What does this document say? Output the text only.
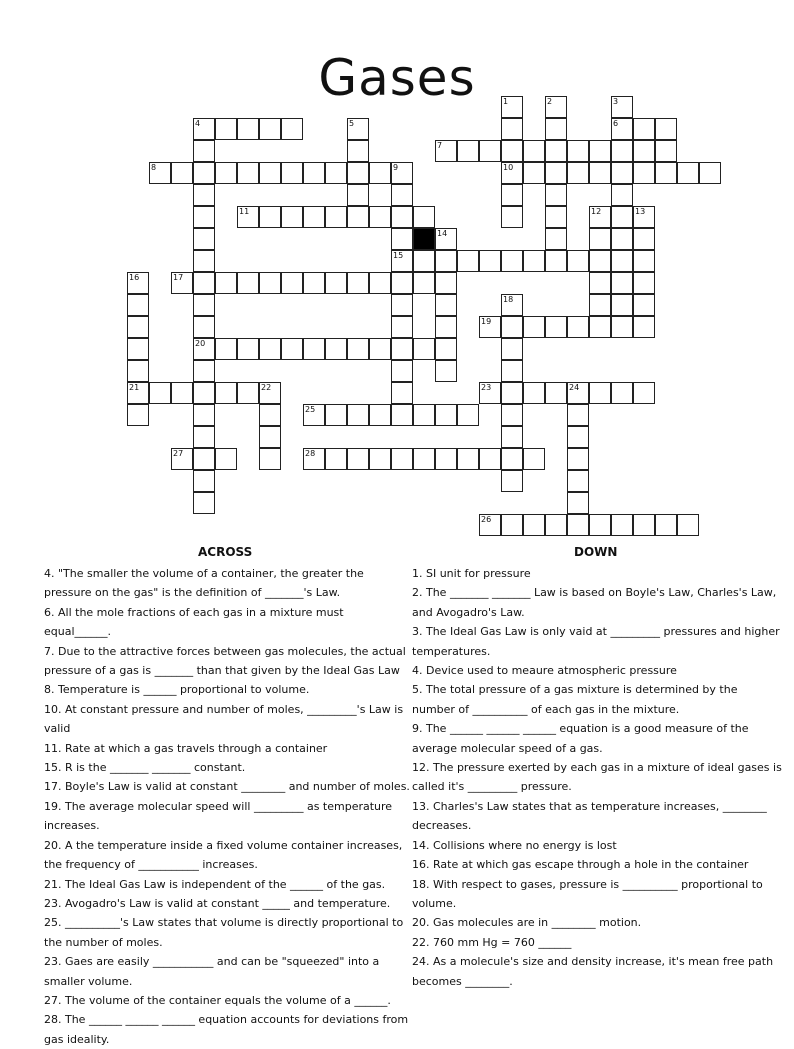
Gases	1	2	3
4	5	6
7
8	9	10
11	12	13
14
15
16	17
18
19
20
21	22	23	24
25
26
27	28
ACROSS	DOWN

4. "The smaller the volume of a container, the greater the pressure on the gas" is the definition of _______'s Law.

6. All the mole fractions of each gas in a mixture must equal______.

7. Due to the attractive forces between gas molecules, the actual pressure of a gas is _______ than that given by the Ideal Gas Law

8. Temperature is ______ proportional to volume.

10. At constant pressure and number of moles, _________'s Law is valid

11. Rate at which a gas travels through a container

15. R is the _______ _______ constant.

17. Boyle's Law is valid at constant ________ and number of moles.

19. The average molecular speed will _________ as temperature increases.

20. A the temperature inside a fixed volume container increases, the frequency of ___________ increases.

21. The Ideal Gas Law is independent of the ______ of the gas.

23. Avogadro's Law is valid at constant _____ and temperature.

25. __________'s Law states that volume is directly proportional to the number of moles.

23. Gaes are easily ___________ and can be "squeezed" into a smaller volume.

27. The volume of the container equals the volume of a ______.

28. The ______ ______ ______ equation accounts for deviations from gas ideality.

1. SI unit for pressure

2. The _______ _______ Law is based on Boyle's Law, Charles's Law, and Avogadro's Law.

3. The Ideal Gas Law is only vaid at _________ pressures and higher temperatures.

4. Device used to meaure atmospheric pressure

5. The total pressure of a gas mixture is determined by the number of __________ of each gas in the mixture.

9. The ______ ______ ______ equation is a good measure of the average molecular speed of a gas.

12. The pressure exerted by each gas in a mixture of ideal gases is called it's _________ pressure.

13. Charles's Law states that as temperature increases, ________ decreases.

14. Collisions where no energy is lost

16. Rate at which gas escape through a hole in the container

18. With respect to gases, pressure is __________ proportional to volume.

20. Gas molecules are in ________ motion.

22. 760 mm Hg = 760 ______

24. As a molecule's size and density increase, it's mean free path becomes ________.
